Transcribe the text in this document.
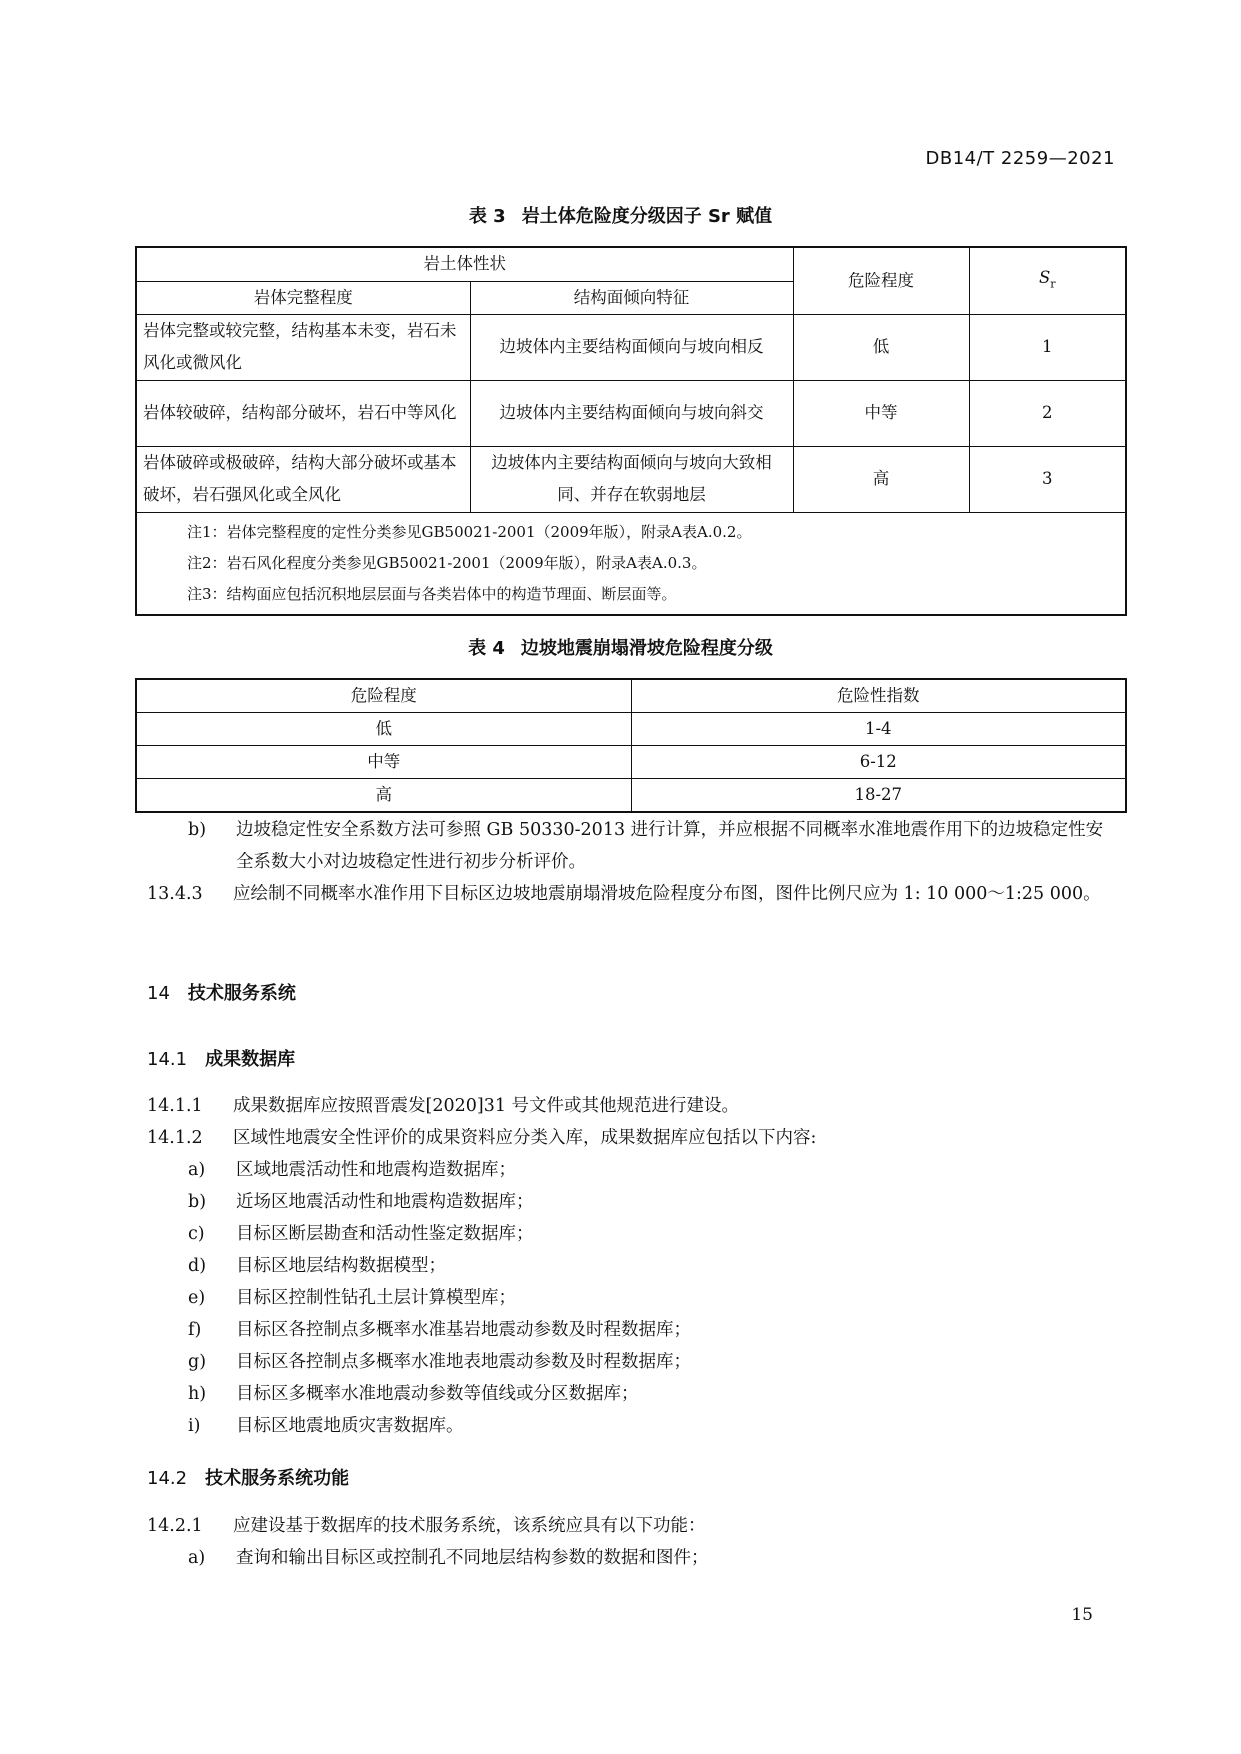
DB14/T 2259—2021
表 3 岩土体危险度分级因子 Sr 赋值
岩土体性状		危险程度	$S_r$
岩体完整程度	结构面倾向特征		
岩体完整或较完整，结构基本未变，岩石未风化或微风化	边坡体内主要结构面倾向与坡向相反	低	1
岩体较破碎，结构部分破坏，岩石中等风化	边坡体内主要结构面倾向与坡向斜交	中等	2
岩体破碎或极破碎，结构大部分破坏或基本破坏，岩石强风化或全风化	边坡体内主要结构面倾向与坡向大致相同、并存在软弱地层	高	3

注1：岩体完整程度的定性分类参见GB50021-2001（2009年版），附录A表A.0.2。
注2：岩石风化程度分类参见GB50021-2001（2009年版），附录A表A.0.3。
注3：结构面应包括沉积地层层面与各类岩体中的构造节理面、断层面等。			
表 4 边坡地震崩塌滑坡危险程度分级
危险程度	危险性指数
低	1-4
中等	6-12
高	18-27
b) 边坡稳定性安全系数方法可参照 GB 50330-2013 进行计算，并应根据不同概率水准地震作用下的边坡稳定性安全系数大小对边坡稳定性进行初步分析评价。
13.4.3 应绘制不同概率水准作用下目标区边坡地震崩塌滑坡危险程度分布图，图件比例尺应为 1: 10 000～1:25 000。
14 技术服务系统
14.1 成果数据库
14.1.1 成果数据库应按照晋震发[2020]31 号文件或其他规范进行建设。
14.1.2 区域性地震安全性评价的成果资料应分类入库，成果数据库应包括以下内容:
a) 区域地震活动性和地震构造数据库；
b) 近场区地震活动性和地震构造数据库；
c) 目标区断层勘查和活动性鉴定数据库；
d) 目标区地层结构数据模型；
e) 目标区控制性钻孔土层计算模型库；
f) 目标区各控制点多概率水准基岩地震动参数及时程数据库；
g) 目标区各控制点多概率水准地表地震动参数及时程数据库；
h) 目标区多概率水准地震动参数等值线或分区数据库；
i) 目标区地震地质灾害数据库。
14.2 技术服务系统功能
14.2.1 应建设基于数据库的技术服务系统，该系统应具有以下功能：
a) 查询和输出目标区或控制孔不同地层结构参数的数据和图件；
15
